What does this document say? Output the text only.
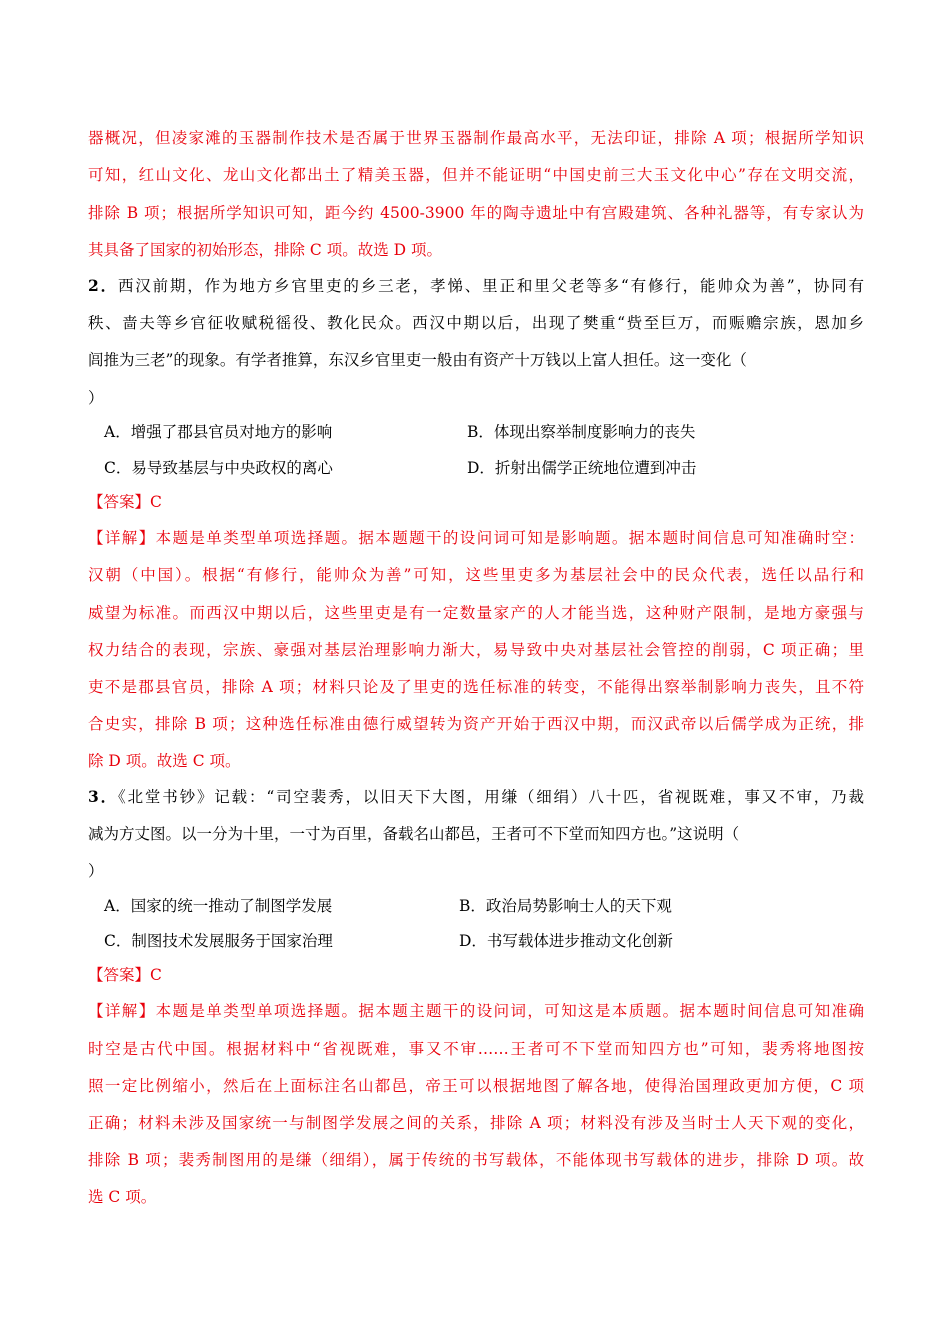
器概况，但凌家滩的玉器制作技术是否属于世界玉器制作最高水平，无法印证，排除 A 项；根据所学知识
可知，红山文化、龙山文化都出土了精美玉器，但并不能证明“中国史前三大玉文化中心”存在文明交流，
排除 B 项；根据所学知识可知，距今约 4500-3900 年的陶寺遗址中有宫殿建筑、各种礼器等，有专家认为
其具备了国家的初始形态，排除 C 项。故选 D 项。
2．西汉前期，作为地方乡官里吏的乡三老，孝悌、里正和里父老等多“有修行，能帅众为善”，协同有
秩、啬夫等乡官征收赋税徭役、教化民众。西汉中期以后，出现了樊重“赀至巨万，而赈赡宗族，恩加乡
闾推为三老”的现象。有学者推算，东汉乡官里吏一般由有资产十万钱以上富人担任。这一变化（
）
A．增强了郡县官员对地方的影响	B．体现出察举制度影响力的丧失
C．易导致基层与中央政权的离心	D．折射出儒学正统地位遭到冲击
【答案】C
【详解】本题是单类型单项选择题。据本题题干的设问词可知是影响题。据本题时间信息可知准确时空：
汉朝（中国）。根据“有修行，能帅众为善”可知，这些里吏多为基层社会中的民众代表，选任以品行和
威望为标准。而西汉中期以后，这些里吏是有一定数量家产的人才能当选，这种财产限制，是地方豪强与
权力结合的表现，宗族、豪强对基层治理影响力渐大，易导致中央对基层社会管控的削弱，C 项正确；里
吏不是郡县官员，排除 A 项；材料只论及了里吏的选任标准的转变，不能得出察举制影响力丧失，且不符
合史实，排除 B 项；这种选任标准由德行威望转为资产开始于西汉中期，而汉武帝以后儒学成为正统，排
除 D 项。故选 C 项。
3．《北堂书钞》记载：“司空裴秀，以旧天下大图，用缣（细绢）八十匹，省视既难，事又不审，乃裁
减为方丈图。以一分为十里，一寸为百里，备载名山都邑，王者可不下堂而知四方也。”这说明（
）
A．国家的统一推动了制图学发展	B．政治局势影响士人的天下观
C．制图技术发展服务于国家治理	D．书写载体进步推动文化创新
【答案】C
【详解】本题是单类型单项选择题。据本题主题干的设问词，可知这是本质题。据本题时间信息可知准确
时空是古代中国。根据材料中“省视既难，事又不审……王者可不下堂而知四方也”可知，裴秀将地图按
照一定比例缩小，然后在上面标注名山都邑，帝王可以根据地图了解各地，使得治国理政更加方便，C 项
正确；材料未涉及国家统一与制图学发展之间的关系，排除 A 项；材料没有涉及当时士人天下观的变化，
排除 B 项；裴秀制图用的是缣（细绢），属于传统的书写载体，不能体现书写载体的进步，排除 D 项。故
选 C 项。
